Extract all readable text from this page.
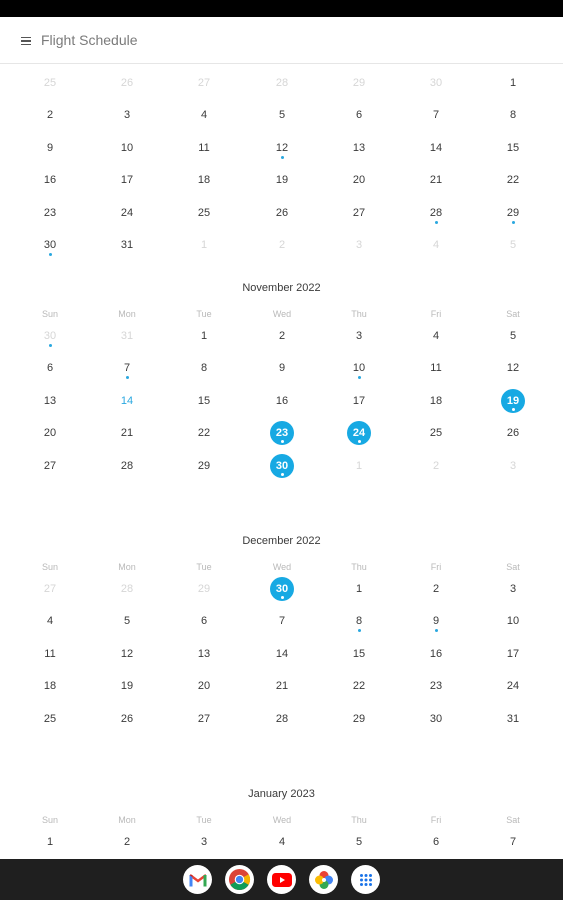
Flight Schedule
25	26	27	28	29	30	1
2	3	4	5	6	7	8
9	10	11	12	13	14	15
16	17	18	19	20	21	22
23	24	25	26	27	28	29
30	31	1	2	3	4	5
November 2022
Sun	Mon	Tue	Wed	Thu	Fri	Sat
30	31	1	2	3	4	5
6	7	8	9	10	11	12
13	14	15	16	17	18	19
20	21	22	23	24	25	26
27	28	29	30	1	2	3
December 2022
Sun	Mon	Tue	Wed	Thu	Fri	Sat
27	28	29	30	1	2	3
4	5	6	7	8	9	10
11	12	13	14	15	16	17
18	19	20	21	22	23	24
25	26	27	28	29	30	31
January 2023
Sun	Mon	Tue	Wed	Thu	Fri	Sat
1	2	3	4	5	6	7
